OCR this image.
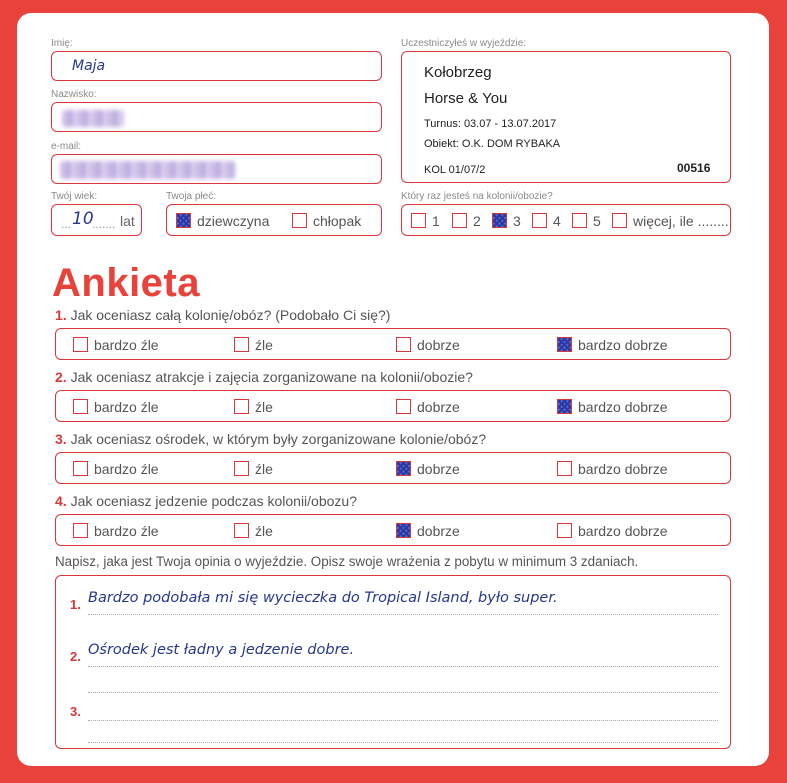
Imię:
Maja
Nazwisko:
e-mail:
Twój wiek:
... 10
....... lat
Twoja płeć:
dziewczyna	chłopak
Uczestniczyłeś w wyjeździe:
Kołobrzeg
Horse & You
Turnus: 03.07 - 13.07.2017
Obiekt: O.K. DOM RYBAKA
KOL 01/07/2	00516
Który raz jesteś na kolonii/obozie?
1	2	3	4	5	więcej, ile ........
Ankieta
1. Jak oceniasz całą kolonię/obóz? (Podobało Ci się?)
bardzo źle	źle	dobrze	bardzo dobrze
2. Jak oceniasz atrakcje i zajęcia zorganizowane na kolonii/obozie?
bardzo źle	źle	dobrze	bardzo dobrze
3. Jak oceniasz ośrodek, w którym były zorganizowane kolonie/obóz?
bardzo źle	źle	dobrze	bardzo dobrze
4. Jak oceniasz jedzenie podczas kolonii/obozu?
bardzo źle	źle	dobrze	bardzo dobrze
Napisz, jaka jest Twoja opinia o wyjeździe. Opisz swoje wrażenia z pobytu w minimum 3 zdaniach.
1. Bardzo podobała mi się wycieczka do Tropical Island, było super.
2. Ośrodek jest ładny a jedzenie dobre.
3.
